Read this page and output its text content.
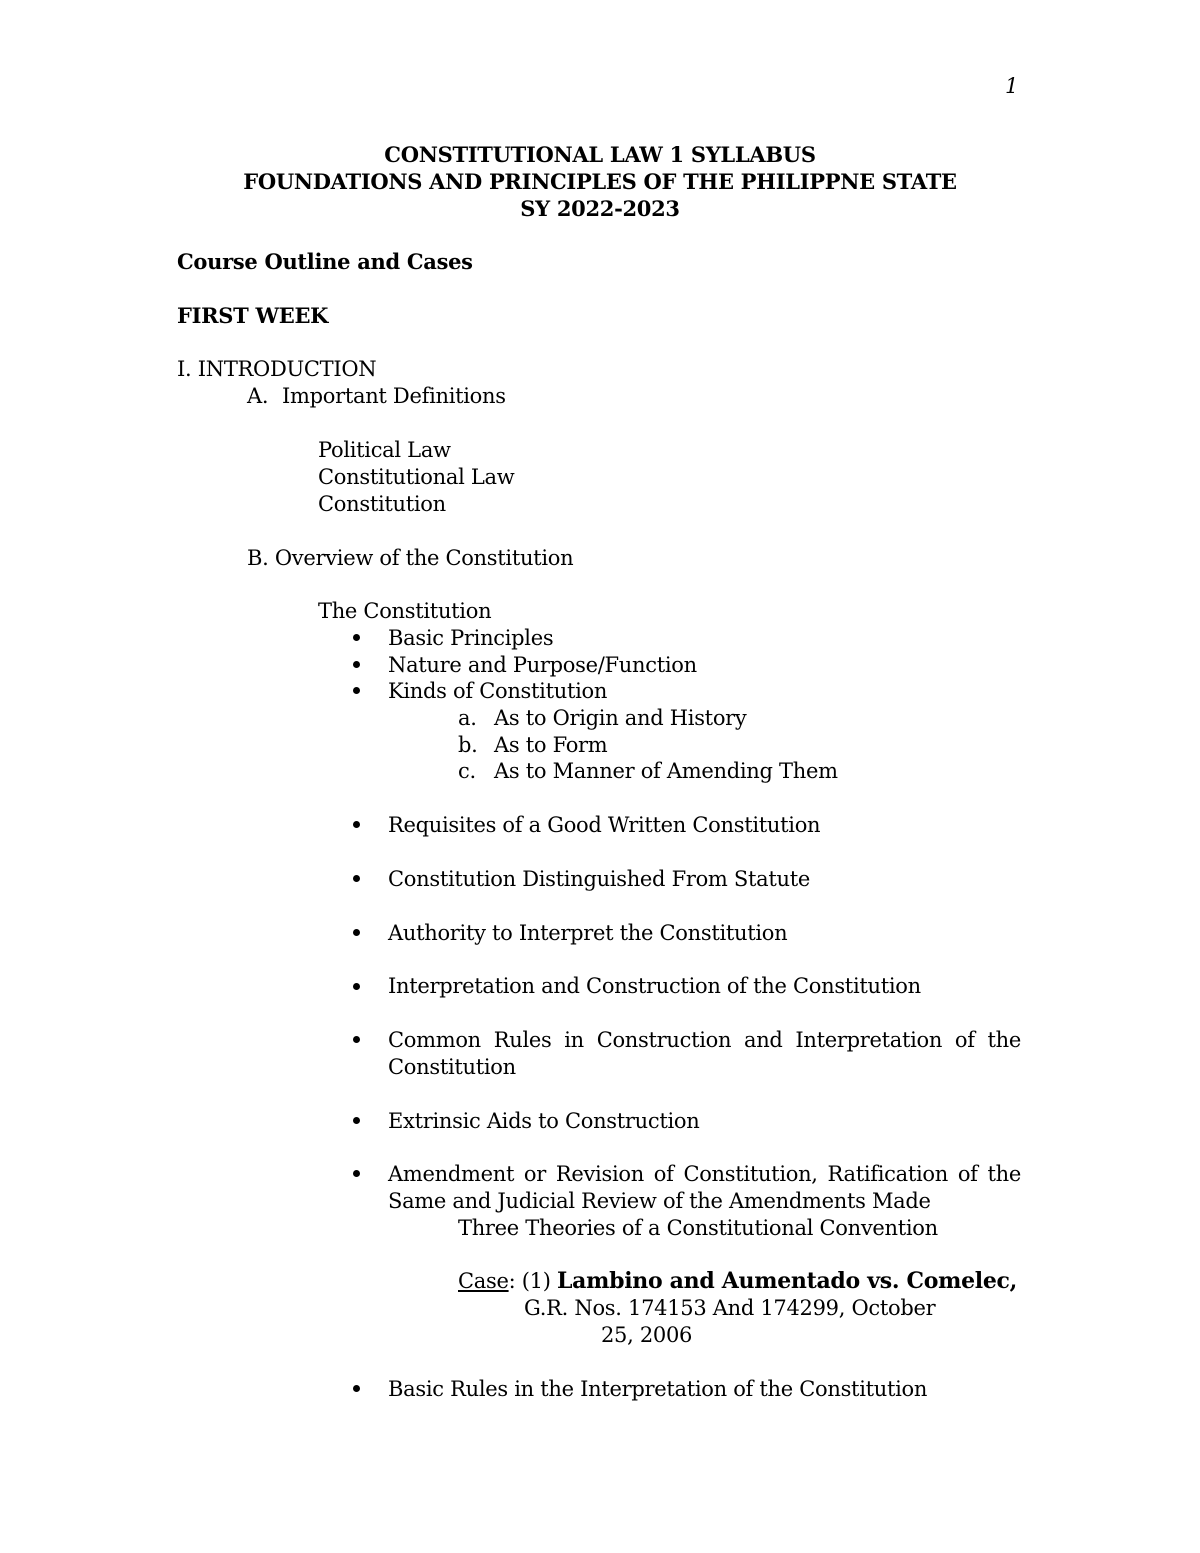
1

CONSTITUTIONAL LAW 1 SYLLABUS

FOUNDATIONS AND PRINCIPLES OF THE PHILIPPNE STATE

SY 2022-2023

Course Outline and Cases

FIRST WEEK

I. INTRODUCTION

A. Important Definitions

Political Law

Constitutional Law

Constitution

B. Overview of the Constitution

The Constitution

Basic Principles

Nature and Purpose/Function

Kinds of Constitution

a. As to Origin and History

b. As to Form

c. As to Manner of Amending Them

Requisites of a Good Written Constitution

Constitution Distinguished From Statute

Authority to Interpret the Constitution

Interpretation and Construction of the Constitution

Common Rules in Construction and Interpretation of the
Constitution

Extrinsic Aids to Construction

Amendment or Revision of Constitution, Ratification of the
Same and Judicial Review of the Amendments Made

Three Theories of a Constitutional Convention

Case: (1) Lambino and Aumentado vs. Comelec,

G.R. Nos. 174153 And 174299, October

25, 2006

Basic Rules in the Interpretation of the Constitution
